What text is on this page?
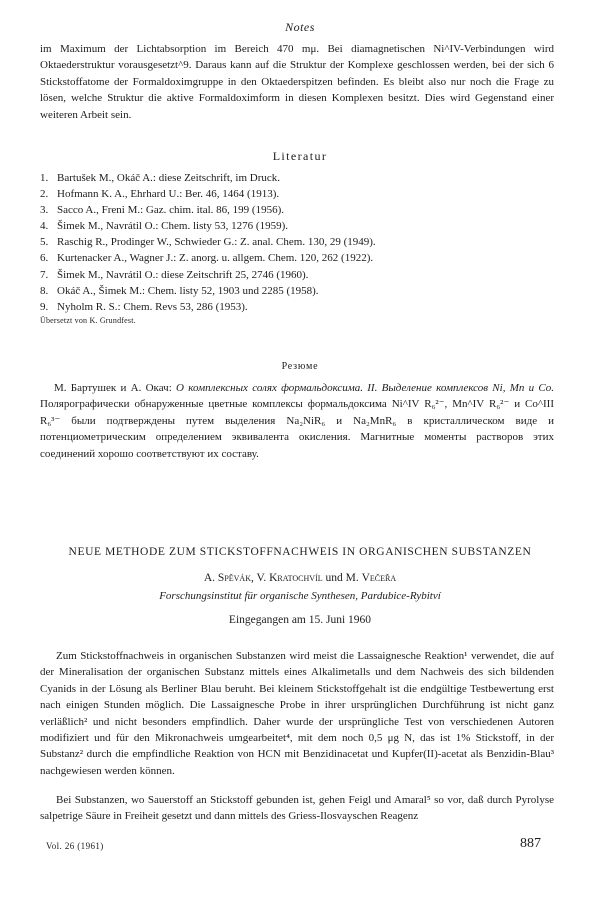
Notes

im Maximum der Lichtabsorption im Bereich 470 mμ. Bei diamagnetischen Ni^IV-Verbindungen wird Oktaederstruktur vorausgesetzt^9. Daraus kann auf die Struktur der Komplexe geschlossen werden, bei der sich 6 Stickstoffatome der Formaldoximgruppe in den Oktaederspitzen befinden. Es bleibt also nur noch die Frage zu lösen, welche Struktur die aktive Formaldoximform in diesen Komplexen besitzt. Dies wird Gegenstand einer weiteren Arbeit sein.

Literatur
1. Bartušek M., Okáč A.: diese Zeitschrift, im Druck.
2. Hofmann K. A., Ehrhard U.: Ber. 46, 1464 (1913).
3. Sacco A., Freni M.: Gaz. chim. ital. 86, 199 (1956).
4. Šimek M., Navrátil O.: Chem. listy 53, 1276 (1959).
5. Raschig R., Prodinger W., Schwieder G.: Z. anal. Chem. 130, 29 (1949).
6. Kurtenacker A., Wagner J.: Z. anorg. u. allgem. Chem. 120, 262 (1922).
7. Šimek M., Navrátil O.: diese Zeitschrift 25, 2746 (1960).
8. Okáč A., Šimek M.: Chem. listy 52, 1903 und 2285 (1958).
9. Nyholm R. S.: Chem. Revs 53, 286 (1953).
Übersetzt von K. Grundfest.
Резюме

М. Бартушек и А. Окач: О комплексных солях формальдоксима. II. Выделение комплексов Ni, Mn и Co. Полярографически обнаруженные цветные комплексы формальдоксима Ni^IV R₆²⁻, Mn^IV R₆²⁻ и Co^III R₆³⁻ были подтверждены путем выделения Na₂NiR₆ и Na₂MnR₆ в кристаллическом виде и потенциометрическим определением эквивалента окисления. Магнитные моменты растворов этих соединений хорошо соответствуют их составу.

NEUE METHODE ZUM STICKSTOFFNACHWEIS IN ORGANISCHEN SUBSTANZEN
A. Spěvák, V. Kratochvíl und M. Večeřa
Forschungsinstitut für organische Synthesen, Pardubice-Rybitví
Eingegangen am 15. Juni 1960

Zum Stickstoffnachweis in organischen Substanzen wird meist die Lassaignesche Reaktion¹ verwendet, die auf der Mineralisation der organischen Substanz mittels eines Alkalimetalls und dem Nachweis des sich bildenden Cyanids in der Lösung als Berliner Blau beruht. Bei kleinem Stickstoffgehalt ist die endgültige Testbewertung erst nach einigen Stunden möglich. Die Lassaignesche Probe in ihrer ursprünglichen Durchführung ist nicht ganz verläßlich² und nicht besonders empfindlich. Daher wurde der ursprüngliche Test von verschiedenen Autoren modifiziert und für den Mikronachweis umgearbeitet⁴, mit dem noch 0,5 μg N, das ist 1% Stickstoff, in der Substanz² durch die empfindliche Reaktion von HCN mit Benzidinacetat und Kupfer(II)-acetat als Benzidin-Blau³ nachgewiesen werden können.

Bei Substanzen, wo Sauerstoff an Stickstoff gebunden ist, gehen Feigl und Amaral⁵ so vor, daß durch Pyrolyse salpetrige Säure in Freiheit gesetzt und dann mittels des Griess-Ilosvayschen Reagenz

Vol. 26 (1961)	887
